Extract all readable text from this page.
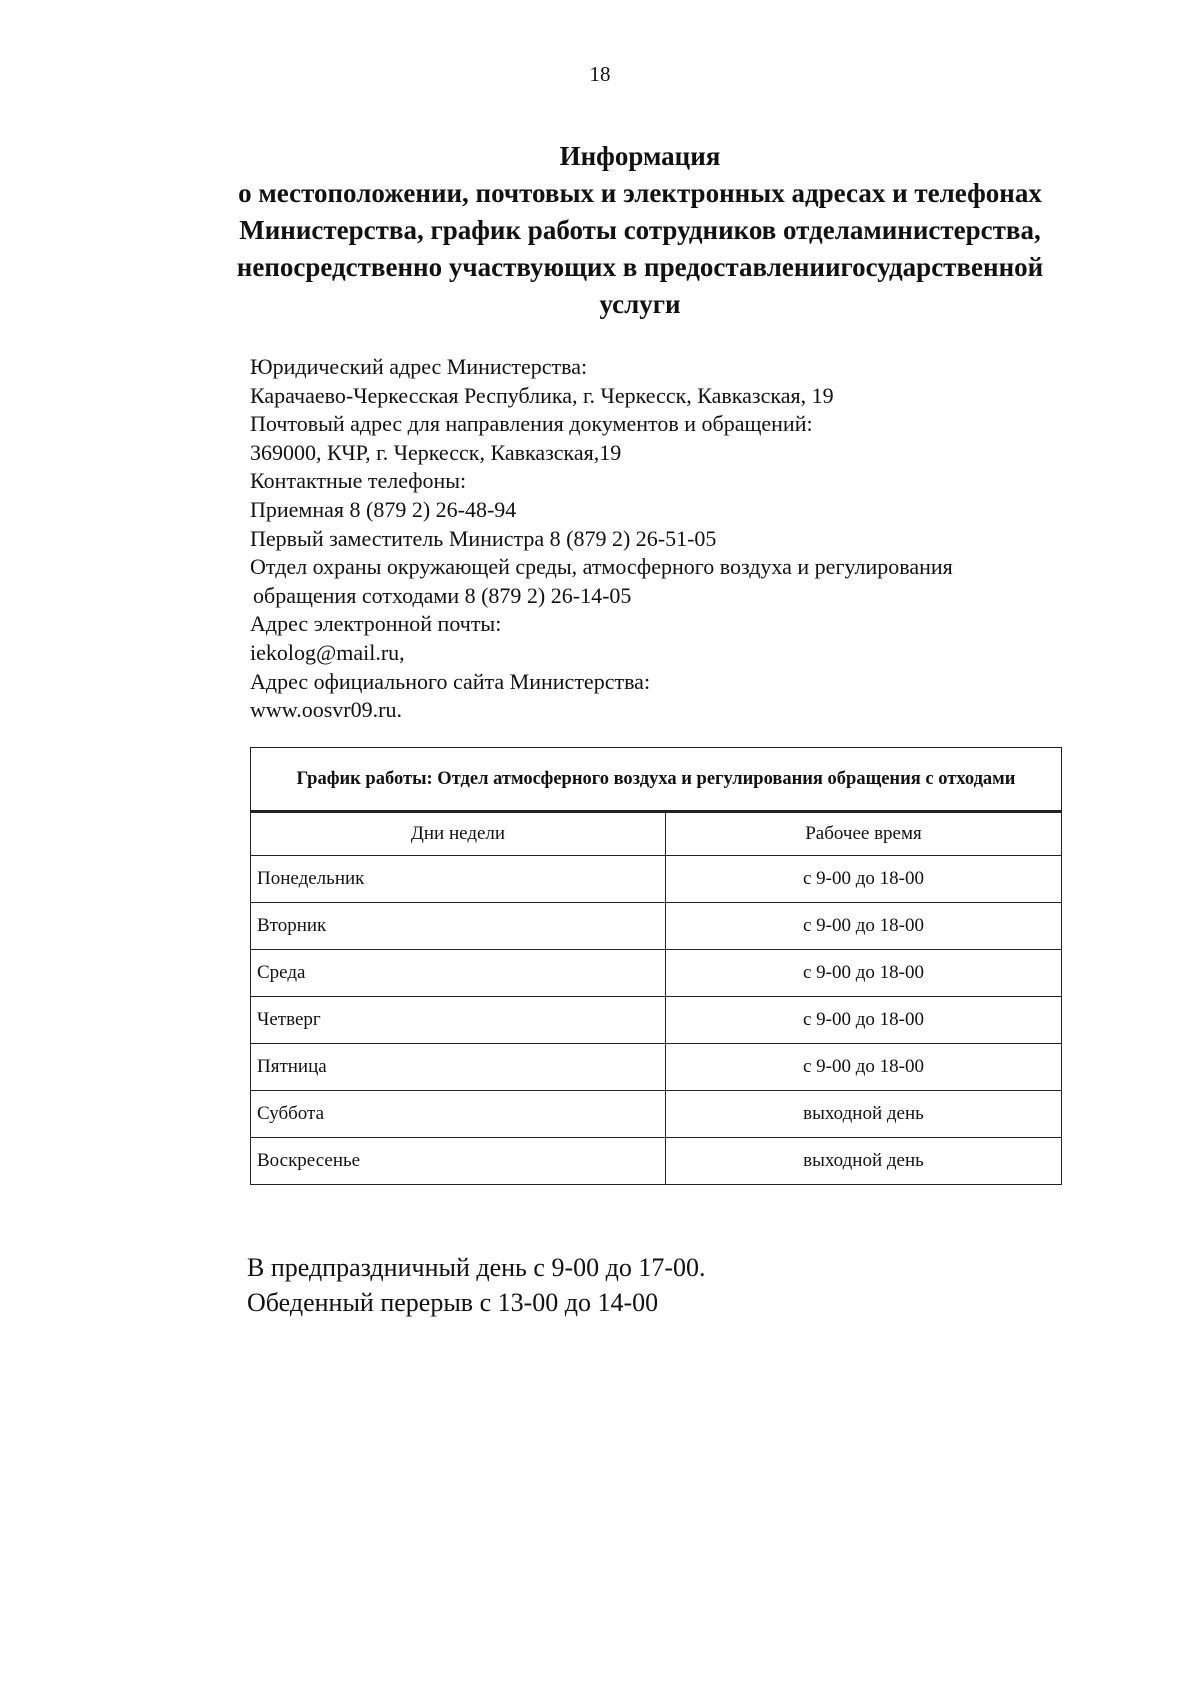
18
Информация
о местоположении, почтовых и электронных адресах и телефонах
Министерства, график работы сотрудников отделаминистерства,
непосредственно участвующих в предоставлениигосударственной
услуги
Юридический адрес Министерства:
Карачаево-Черкесская Республика, г. Черкесск, Кавказская, 19
Почтовый адрес для направления документов и обращений:
369000, КЧР, г. Черкесск, Кавказская,19
Контактные телефоны:
Приемная 8 (879 2) 26-48-94
Первый заместитель Министра 8 (879 2) 26-51-05
Отдел охраны окружающей среды, атмосферного воздуха и регулирования
обращения сотходами 8 (879 2) 26-14-05
Адрес электронной почты:
iekolog@mail.ru,
Адрес официального сайта Министерства:
www.oosvr09.ru.
График работы: Отдел атмосферного воздуха и регулирования обращения с отходами	
Дни недели	Рабочее время
Понедельник	с 9-00 до 18-00
Вторник	с 9-00 до 18-00
Среда	с 9-00 до 18-00
Четверг	с 9-00 до 18-00
Пятница	с 9-00 до 18-00
Суббота	выходной день
Воскресенье	выходной день
В предпраздничный день с 9-00 до 17-00.
Обеденный перерыв с 13-00 до 14-00
